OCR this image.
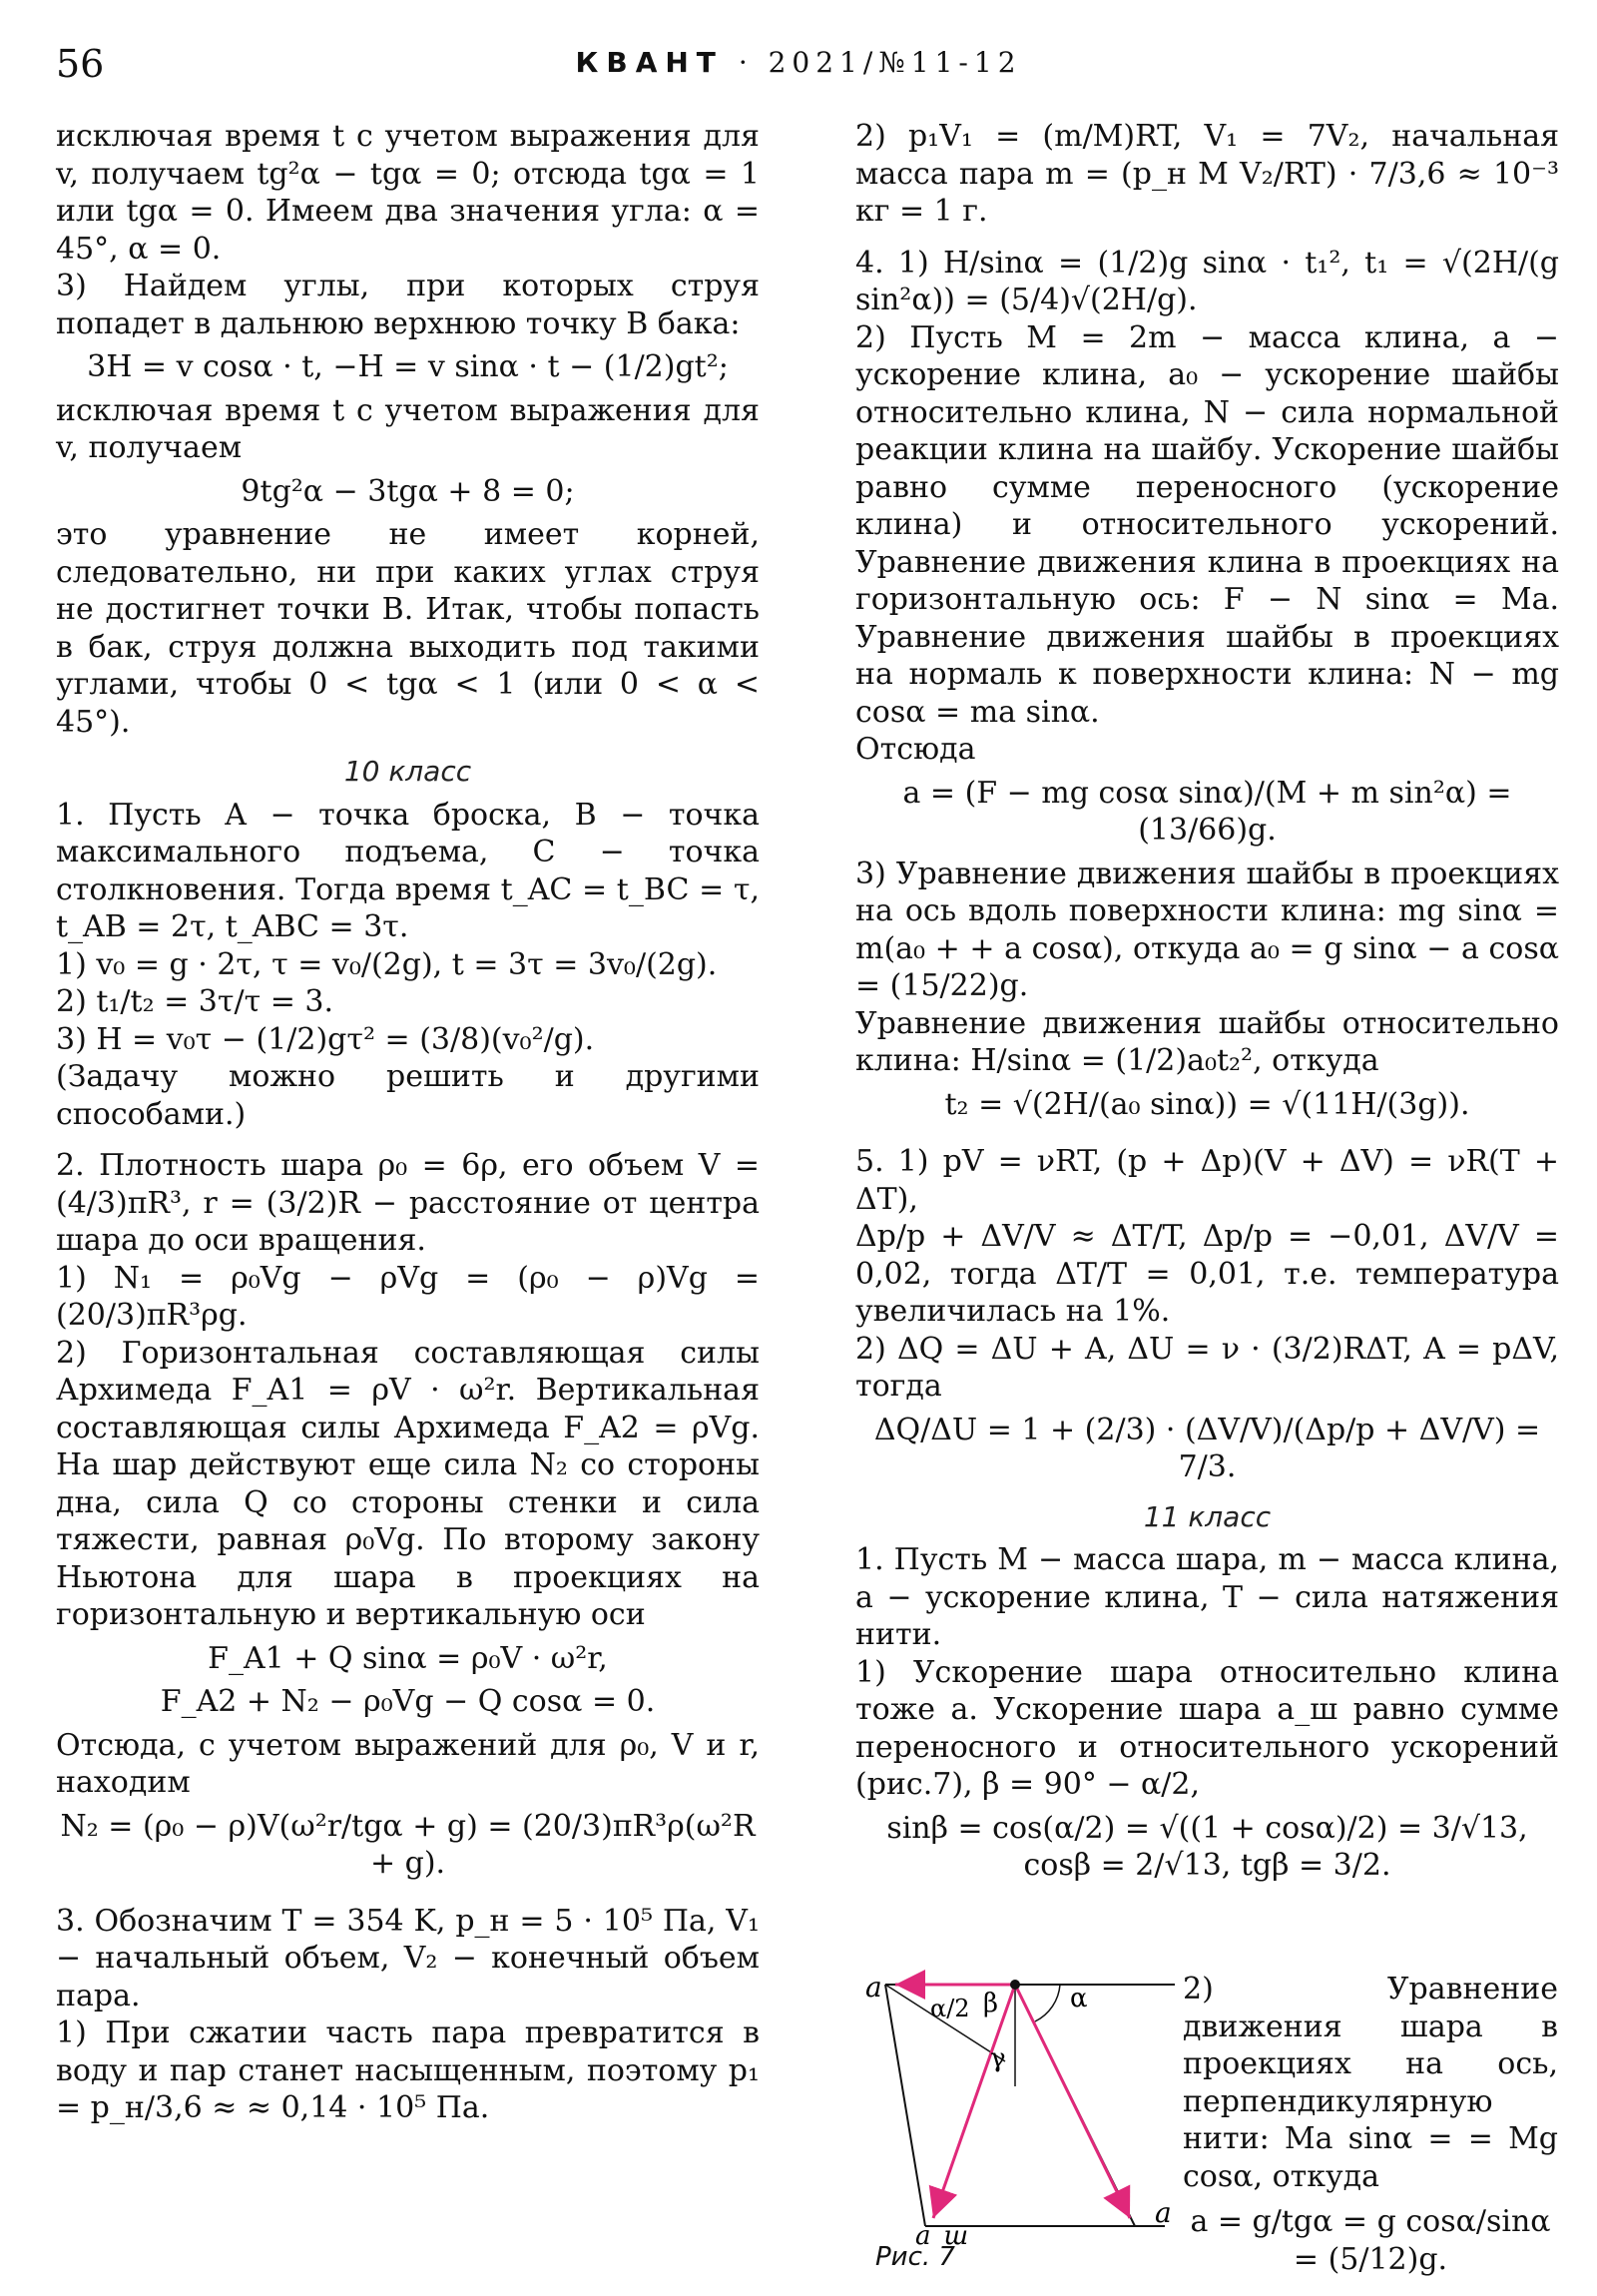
56	КВАНТ · 2021/№11-12

исключая время t с учетом выражения для v, получаем tg²α − tgα = 0; отсюда tgα = 1 или tgα = 0. Имеем два значения угла: α = 45°, α = 0.

3) Найдем углы, при которых струя попадет в дальнюю верхнюю точку B бака:

3H = v cosα · t, −H = v sinα · t − (1/2)gt²;

исключая время t с учетом выражения для v, получаем

9tg²α − 3tgα + 8 = 0;

это уравнение не имеет корней, следовательно, ни при каких углах струя не достигнет точки B. Итак, чтобы попасть в бак, струя должна выходить под такими углами, чтобы 0 < tgα < 1 (или 0 < α < 45°).

10 класс

1. Пусть A − точка броска, B − точка максимального подъема, C − точка столкновения. Тогда время t_AC = t_BC = τ, t_AB = 2τ, t_ABC = 3τ.

1) v₀ = g · 2τ, τ = v₀/(2g), t = 3τ = 3v₀/(2g).

2) t₁/t₂ = 3τ/τ = 3.

3) H = v₀τ − (1/2)gτ² = (3/8)(v₀²/g).

(Задачу можно решить и другими способами.)

2. Плотность шара ρ₀ = 6ρ, его объем V = (4/3)πR³, r = (3/2)R − расстояние от центра шара до оси вращения.

1) N₁ = ρ₀Vg − ρVg = (ρ₀ − ρ)Vg = (20/3)πR³ρg.

2) Горизонтальная составляющая силы Архимеда F_A1 = ρV · ω²r. Вертикальная составляющая силы Архимеда F_A2 = ρVg. На шар действуют еще сила N₂ со стороны дна, сила Q со стороны стенки и сила тяжести, равная ρ₀Vg. По второму закону Ньютона для шара в проекциях на горизонтальную и вертикальную оси

F_A1 + Q sinα = ρ₀V · ω²r,

F_A2 + N₂ − ρ₀Vg − Q cosα = 0.

Отсюда, с учетом выражений для ρ₀, V и r, находим

N₂ = (ρ₀ − ρ)V(ω²r/tgα + g) = (20/3)πR³ρ(ω²R + g).

3. Обозначим T = 354 K, p_н = 5 · 10⁵ Па, V₁ − начальный объем, V₂ − конечный объем пара.

1) При сжатии часть пара превратится в воду и пар станет насыщенным, поэтому p₁ = p_н/3,6 ≈ ≈ 0,14 · 10⁵ Па.

2) p₁V₁ = (m/M)RT, V₁ = 7V₂, начальная масса пара m = (p_н M V₂/RT) · 7/3,6 ≈ 10⁻³ кг = 1 г.

4. 1) H/sinα = (1/2)g sinα · t₁², t₁ = √(2H/(g sin²α)) = (5/4)√(2H/g).

2) Пусть M = 2m − масса клина, a − ускорение клина, a₀ − ускорение шайбы относительно клина, N − сила нормальной реакции клина на шайбу. Ускорение шайбы равно сумме переносного (ускорение клина) и относительного ускорений. Уравнение движения клина в проекциях на горизонтальную ось: F − N sinα = Ma. Уравнение движения шайбы в проекциях на нормаль к поверхности клина: N − mg cosα = ma sinα.

Отсюда

a = (F − mg cosα sinα)/(M + m sin²α) = (13/66)g.

3) Уравнение движения шайбы в проекциях на ось вдоль поверхности клина: mg sinα = m(a₀ + + a cosα), откуда a₀ = g sinα − a cosα = (15/22)g.

Уравнение движения шайбы относительно клина: H/sinα = (1/2)a₀t₂², откуда

t₂ = √(2H/(a₀ sinα)) = √(11H/(3g)).

5. 1) pV = νRT, (p + Δp)(V + ΔV) = νR(T + ΔT),

Δp/p + ΔV/V ≈ ΔT/T, Δp/p = −0,01, ΔV/V = 0,02, тогда ΔT/T = 0,01, т.е. температура увеличилась на 1%.

2) ΔQ = ΔU + A, ΔU = ν · (3/2)RΔT, A = pΔV, тогда

ΔQ/ΔU = 1 + (2/3) · (ΔV/V)/(Δp/p + ΔV/V) = 7/3.

11 класс

1. Пусть M − масса шара, m − масса клина, a − ускорение клина, T − сила натяжения нити.

1) Ускорение шара относительно клина тоже a. Ускорение шара a_ш равно сумме переносного и относительного ускорений (рис.7), β = 90° − α/2,

sinβ = cos(α/2) = √((1 + cosα)/2) = 3/√13, cosβ = 2/√13, tgβ = 3/2.

a
α/2 β	α
γ
a_ш
a
Рис. 7

2) Уравнение движения шара в проекциях на ось, перпендикулярную нити: Ma sinα = = Mg cosα, откуда

a = g/tgα = g cosα/sinα = (5/12)g.
